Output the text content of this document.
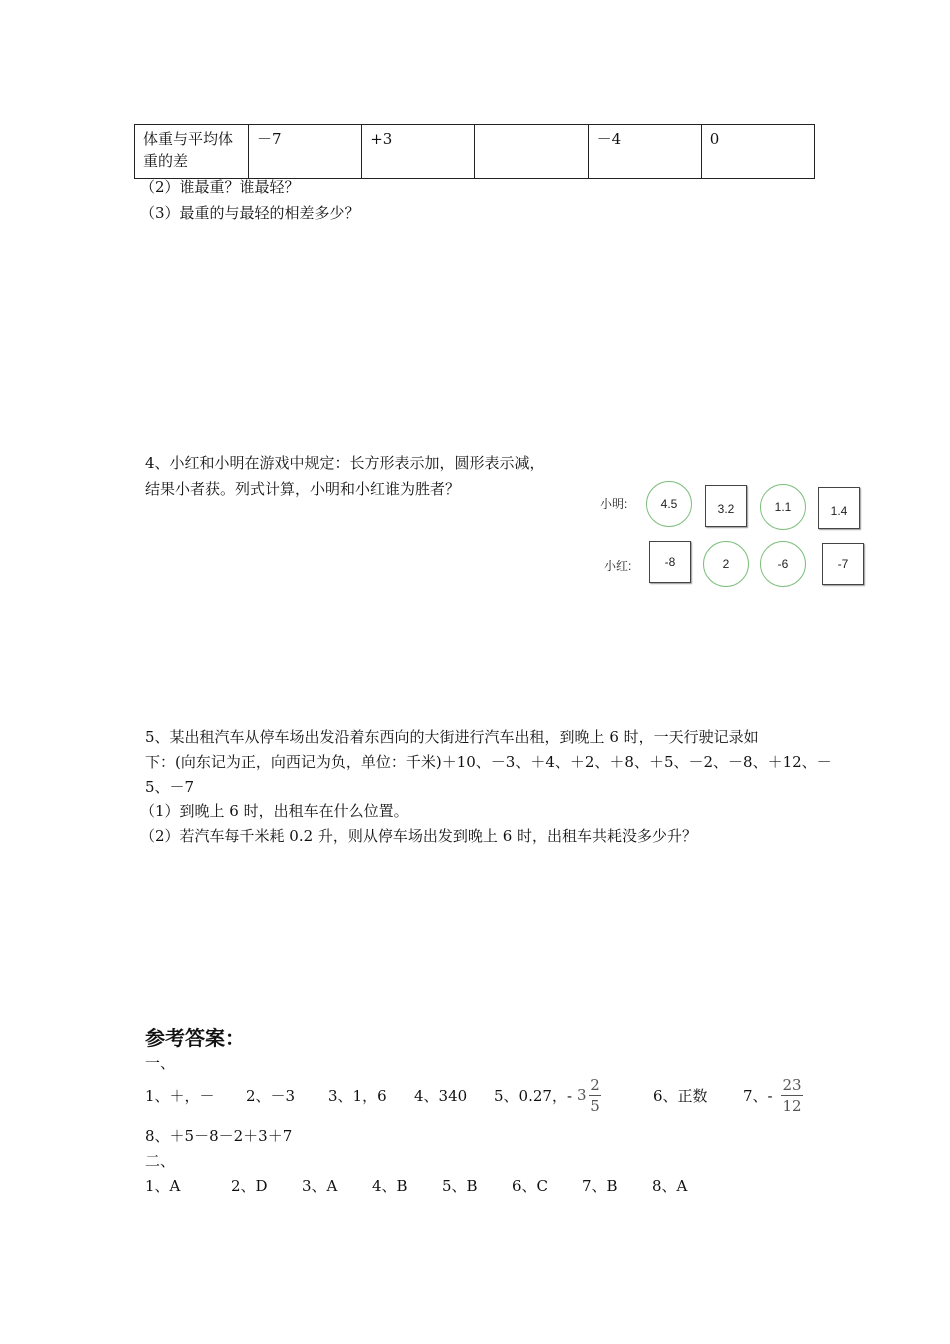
体重与平均体重的差	－7	+3		－4	0
（2）谁最重？谁最轻？
（3）最重的与最轻的相差多少？
4、小红和小明在游戏中规定：长方形表示加，圆形表示减，
结果小者获。列式计算，小明和小红谁为胜者？
小明:	4.5	3.2	1.1	1.4
小红:	-8	2	-6	-7
5、某出租汽车从停车场出发沿着东西向的大街进行汽车出租，到晚上 6 时，一天行驶记录如
下：(向东记为正，向西记为负，单位：千米)＋10、－3、＋4、＋2、＋8、＋5、－2、－8、＋12、－
5、－7
（1）到晚上 6 时，出租车在什么位置。
（2）若汽车每千米耗 0.2 升，则从停车场出发到晚上 6 时，出租车共耗没多少升？
参考答案：
一、
1、＋，－ 2、－3 3、1，6 4、340 5、0.27，- 3
2
5
6、正数 7、-
23
12
8、＋5－8－2＋3＋7
二、
1、A	2、D 3、A 4、B 5、B 6、C 7、B 8、A
